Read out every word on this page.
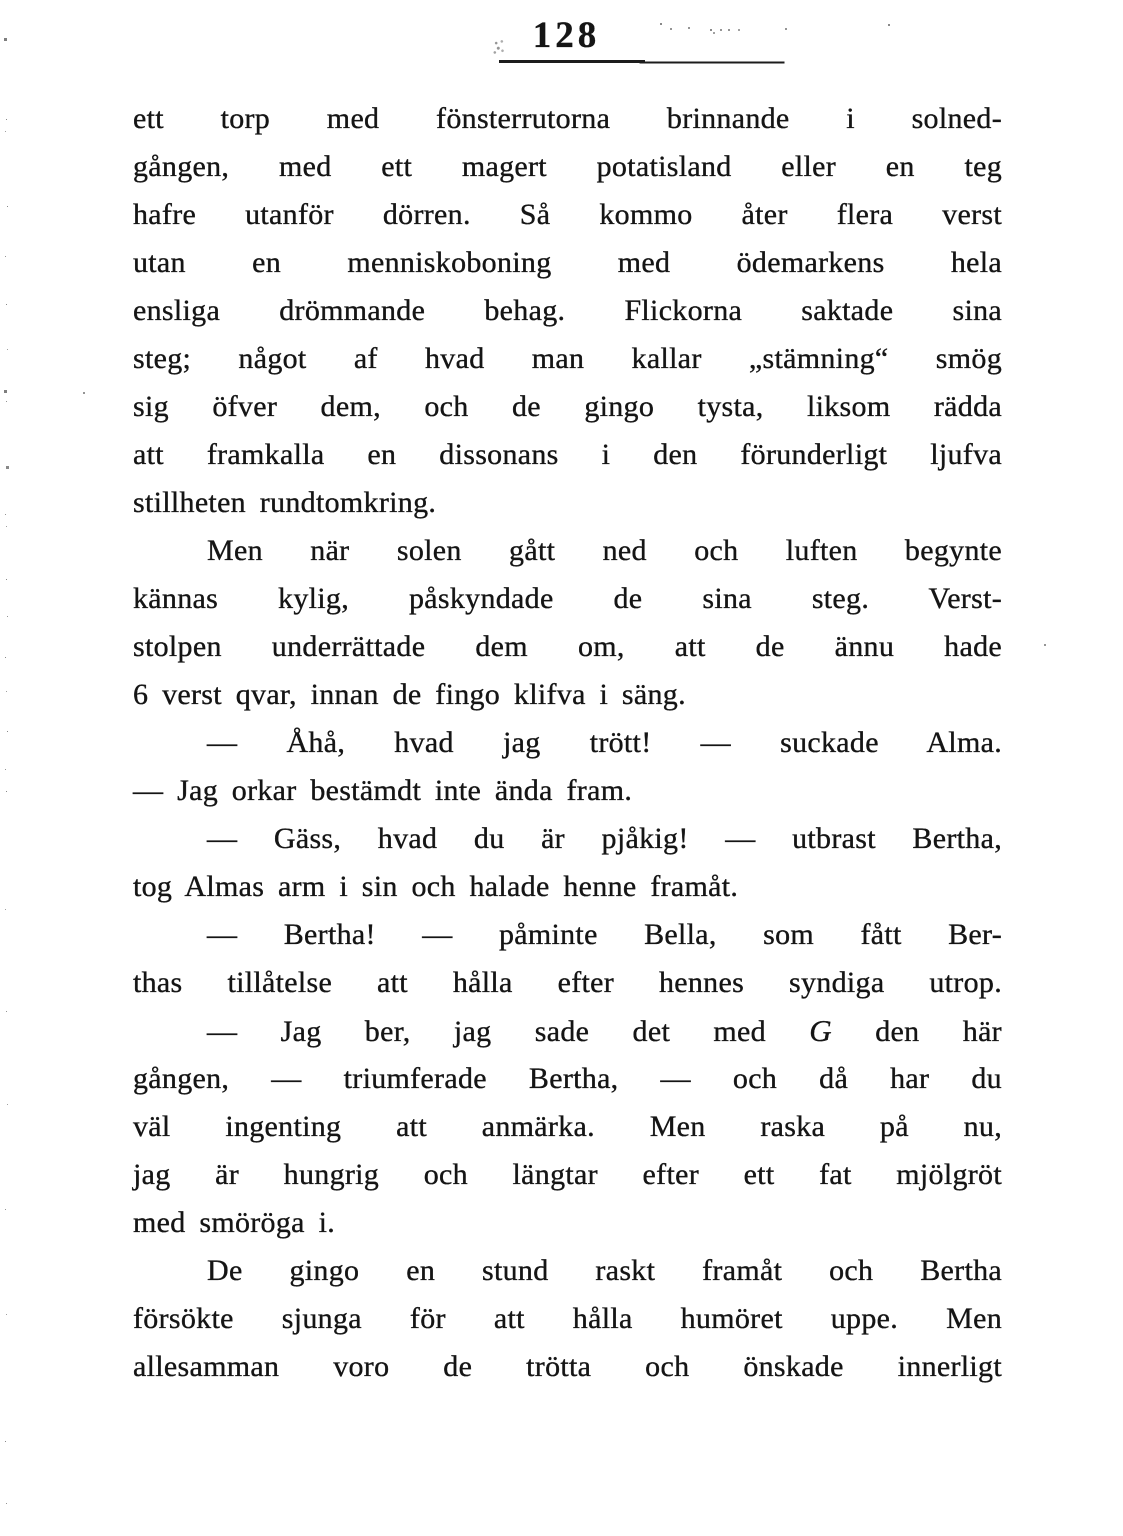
128
ett torp med fönsterrutorna brinnande i solned-
gången, med ett magert potatisland eller en teg
hafre utanför dörren. Så kommo åter flera verst
utan en menniskoboning med ödemarkens hela
ensliga drömmande behag. Flickorna saktade sina
steg; något af hvad man kallar „stämning“ smög
sig öfver dem, och de gingo tysta, liksom rädda
att framkalla en dissonans i den förunderligt ljufva
stillheten rundtomkring.
Men när solen gått ned och luften begynte
kännas kylig, påskyndade de sina steg. Verst-
stolpen underrättade dem om, att de ännu hade
6 verst qvar, innan de fingo klifva i säng.
— Åhå, hvad jag trött! — suckade Alma.
— Jag orkar bestämdt inte ända fram.
— Gäss, hvad du är pjåkig! — utbrast Bertha,
tog Almas arm i sin och halade henne framåt.
— Bertha! — påminte Bella, som fått Ber-
thas tillåtelse att hålla efter hennes syndiga utrop.
— Jag ber, jag sade det med G den här
gången, — triumferade Bertha, — och då har du
väl ingenting att anmärka. Men raska på nu,
jag är hungrig och längtar efter ett fat mjölgröt
med smöröga i.
De gingo en stund raskt framåt och Bertha
försökte sjunga för att hålla humöret uppe. Men
allesamman voro de trötta och önskade innerligt
